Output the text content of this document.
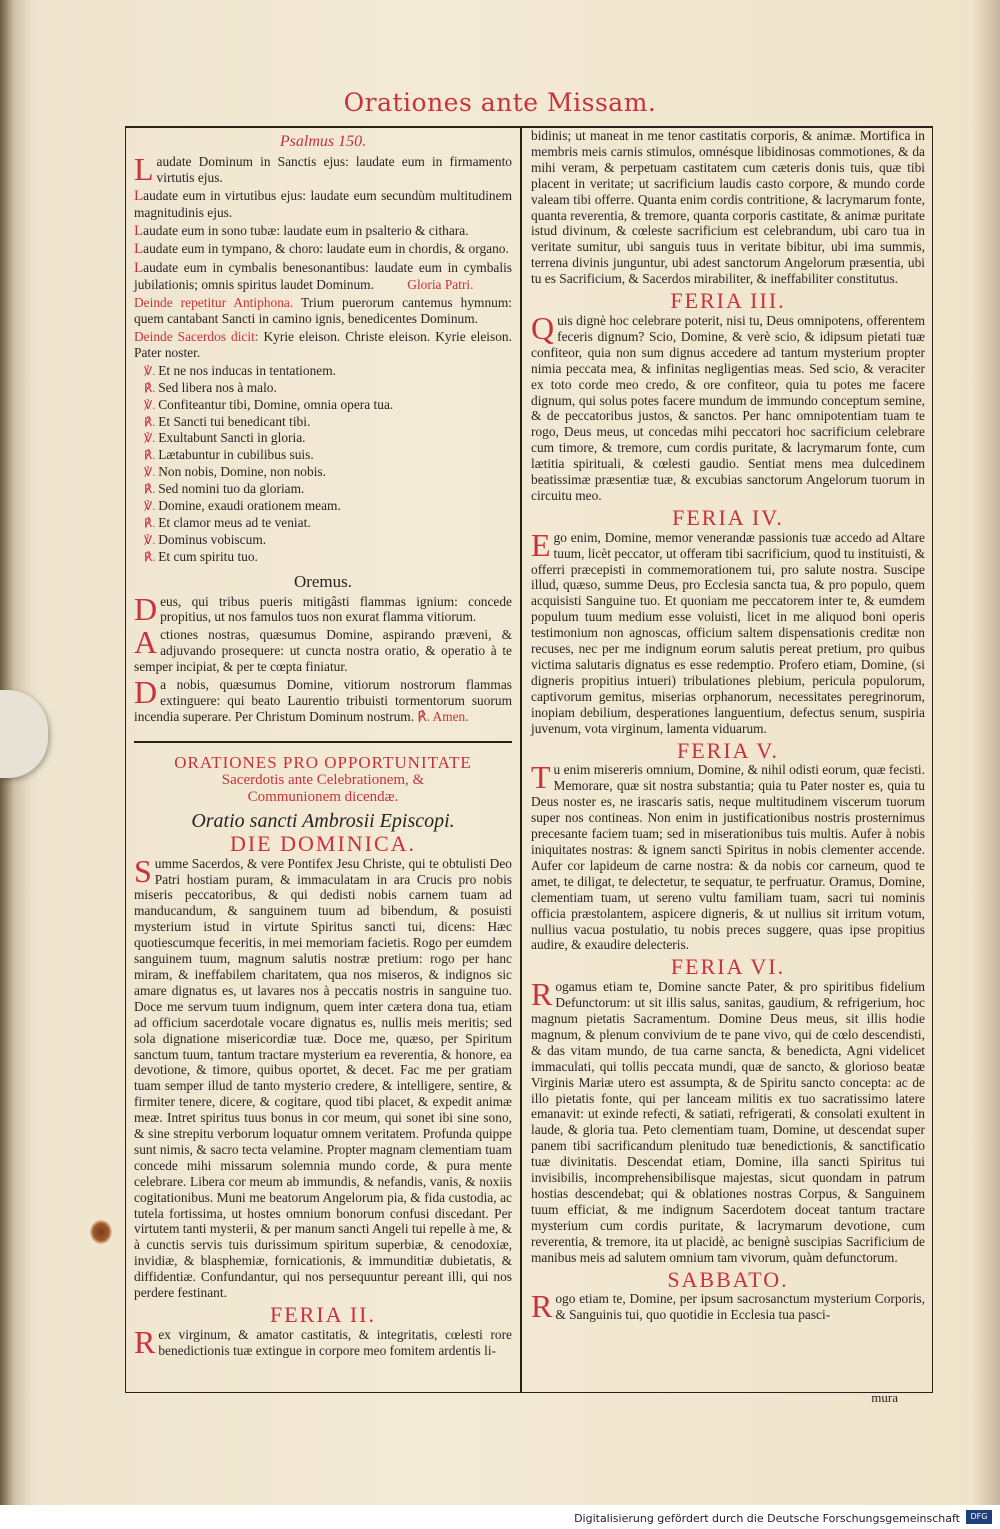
Orationes ante Missam.
Psalmus 150.

Laudate Dominum in Sanctis ejus: laudate eum in firmamento virtutis ejus.

Laudate eum in virtutibus ejus: laudate eum secundùm multitudinem magnitudinis ejus.

Laudate eum in sono tubæ: laudate eum in psalterio & cithara.

Laudate eum in tympano, & choro: laudate eum in chordis, & organo.

Laudate eum in cymbalis benesonantibus: laudate eum in cymbalis jubilationis; omnis spiritus laudet Dominum. Gloria Patri.

Deinde repetitur Antiphona. Trium puerorum cantemus hymnum: quem cantabant Sancti in camino ignis, benedicentes Dominum.

Deinde Sacerdos dicit: Kyrie eleison. Christe eleison. Kyrie eleison. Pater noster.

℣. Et ne nos inducas in tentationem.
℟. Sed libera nos à malo.
℣. Confiteantur tibi, Domine, omnia opera tua.
℟. Et Sancti tui benedicant tibi.
℣. Exultabunt Sancti in gloria.
℟. Lætabuntur in cubilibus suis.
℣. Non nobis, Domine, non nobis.
℟. Sed nomini tuo da gloriam.
℣. Domine, exaudi orationem meam.
℟. Et clamor meus ad te veniat.
℣. Dominus vobiscum.
℟. Et cum spiritu tuo.
Oremus.

Deus, qui tribus pueris mitigâsti flammas ignium: concede propitius, ut nos famulos tuos non exurat flamma vitiorum.

Actiones nostras, quæsumus Domine, aspirando præveni, & adjuvando prosequere: ut cuncta nostra oratio, & operatio à te semper incipiat, & per te cœpta finiatur.

Da nobis, quæsumus Domine, vitiorum nostrorum flammas extinguere: qui beato Laurentio tribuisti tormentorum suorum incendia superare. Per Christum Dominum nostrum. ℟. Amen.

ORATIONES PRO OPPORTUNITATE
Sacerdotis ante Celebrationem, &
Communionem dicendæ.
Oratio sancti Ambrosii Episcopi.
DIE DOMINICA.

Summe Sacerdos, & vere Pontifex Jesu Christe, qui te obtulisti Deo Patri hostiam puram, & immaculatam in ara Crucis pro nobis miseris peccatoribus, & qui dedisti nobis carnem tuam ad manducandum, & sanguinem tuum ad bibendum, & posuisti mysterium istud in virtute Spiritus sancti tui, dicens: Hæc quotiescumque feceritis, in mei memoriam facietis. Rogo per eumdem sanguinem tuum, magnum salutis nostræ pretium: rogo per hanc miram, & ineffabilem charitatem, qua nos miseros, & indignos sic amare dignatus es, ut lavares nos à peccatis nostris in sanguine tuo. Doce me servum tuum indignum, quem inter cætera dona tua, etiam ad officium sacerdotale vocare dignatus es, nullis meis meritis; sed sola dignatione misericordiæ tuæ. Doce me, quæso, per Spiritum sanctum tuum, tantum tractare mysterium ea reverentia, & honore, ea devotione, & timore, quibus oportet, & decet. Fac me per gratiam tuam semper illud de tanto mysterio credere, & intelligere, sentire, & firmiter tenere, dicere, & cogitare, quod tibi placet, & expedit animæ meæ. Intret spiritus tuus bonus in cor meum, qui sonet ibi sine sono, & sine strepitu verborum loquatur omnem veritatem. Profunda quippe sunt nimis, & sacro tecta velamine. Propter magnam clementiam tuam concede mihi missarum solemnia mundo corde, & pura mente celebrare. Libera cor meum ab immundis, & nefandis, vanis, & noxiis cogitationibus. Muni me beatorum Angelorum pia, & fida custodia, ac tutela fortissima, ut hostes omnium bonorum confusi discedant. Per virtutem tanti mysterii, & per manum sancti Angeli tui repelle à me, & à cunctis servis tuis durissimum spiritum superbiæ, & cenodoxiæ, invidiæ, & blasphemiæ, fornicationis, & immunditiæ dubietatis, & diffidentiæ. Confundantur, qui nos persequuntur pereant illi, qui nos perdere festinant.

FERIA II.

Rex virginum, & amator castitatis, & integritatis, cœlesti rore benedictionis tuæ extingue in corpore meo fomitem ardentis li-

bidinis; ut maneat in me tenor castitatis corporis, & animæ. Mortifica in membris meis carnis stimulos, omnésque libidinosas commotiones, & da mihi veram, & perpetuam castitatem cum cæteris donis tuis, quæ tibi placent in veritate; ut sacrificium laudis casto corpore, & mundo corde valeam tibi offerre. Quanta enim cordis contritione, & lacrymarum fonte, quanta reverentia, & tremore, quanta corporis castitate, & animæ puritate istud divinum, & cœleste sacrificium est celebrandum, ubi caro tua in veritate sumitur, ubi sanguis tuus in veritate bibitur, ubi ima summis, terrena divinis junguntur, ubi adest sanctorum Angelorum præsentia, ubi tu es Sacrificium, & Sacerdos mirabiliter, & ineffabiliter constitutus.

FERIA III.

Quis dignè hoc celebrare poterit, nisi tu, Deus omnipotens, offerentem feceris dignum? Scio, Domine, & verè scio, & idipsum pietati tuæ confiteor, quia non sum dignus accedere ad tantum mysterium propter nimia peccata mea, & infinitas negligentias meas. Sed scio, & veraciter ex toto corde meo credo, & ore confiteor, quia tu potes me facere dignum, qui solus potes facere mundum de immundo conceptum semine, & de peccatoribus justos, & sanctos. Per hanc omnipotentiam tuam te rogo, Deus meus, ut concedas mihi peccatori hoc sacrificium celebrare cum timore, & tremore, cum cordis puritate, & lacrymarum fonte, cum lætitia spirituali, & cœlesti gaudio. Sentiat mens mea dulcedinem beatissimæ præsentiæ tuæ, & excubias sanctorum Angelorum tuorum in circuitu meo.

FERIA IV.

Ego enim, Domine, memor venerandæ passionis tuæ accedo ad Altare tuum, licèt peccator, ut offeram tibi sacrificium, quod tu instituisti, & offerri præcepisti in commemorationem tui, pro salute nostra. Suscipe illud, quæso, summe Deus, pro Ecclesia sancta tua, & pro populo, quem acquisisti Sanguine tuo. Et quoniam me peccatorem inter te, & eumdem populum tuum medium esse voluisti, licet in me aliquod boni operis testimonium non agnoscas, officium saltem dispensationis creditæ non recuses, nec per me indignum eorum salutis pereat pretium, pro quibus victima salutaris dignatus es esse redemptio. Profero etiam, Domine, (si digneris propitius intueri) tribulationes plebium, pericula populorum, captivorum gemitus, miserias orphanorum, necessitates peregrinorum, inopiam debilium, desperationes languentium, defectus senum, suspiria juvenum, vota virginum, lamenta viduarum.

FERIA V.

Tu enim misereris omnium, Domine, & nihil odisti eorum, quæ fecisti. Memorare, quæ sit nostra substantia; quia tu Pater noster es, quia tu Deus noster es, ne irascaris satis, neque multitudinem viscerum tuorum super nos contineas. Non enim in justificationibus nostris prosternimus precesante faciem tuam; sed in miserationibus tuis multis. Aufer à nobis iniquitates nostras: & ignem sancti Spiritus in nobis clementer accende. Aufer cor lapideum de carne nostra: & da nobis cor carneum, quod te amet, te diligat, te delectetur, te sequatur, te perfruatur. Oramus, Domine, clementiam tuam, ut sereno vultu familiam tuam, sacri tui nominis officia præstolantem, aspicere digneris, & ut nullius sit irritum votum, nullius vacua postulatio, tu nobis preces suggere, quas ipse propitius audire, & exaudire delecteris.

FERIA VI.

Rogamus etiam te, Domine sancte Pater, & pro spiritibus fidelium Defunctorum: ut sit illis salus, sanitas, gaudium, & refrigerium, hoc magnum pietatis Sacramentum. Domine Deus meus, sit illis hodie magnum, & plenum convivium de te pane vivo, qui de cœlo descendisti, & das vitam mundo, de tua carne sancta, & benedicta, Agni videlicet immaculati, qui tollis peccata mundi, quæ de sancto, & glorioso beatæ Virginis Mariæ utero est assumpta, & de Spiritu sancto concepta: ac de illo pietatis fonte, qui per lanceam militis ex tuo sacratissimo latere emanavit: ut exinde refecti, & satiati, refrigerati, & consolati exultent in laude, & gloria tua. Peto clementiam tuam, Domine, ut descendat super panem tibi sacrificandum plenitudo tuæ benedictionis, & sanctificatio tuæ divinitatis. Descendat etiam, Domine, illa sancti Spiritus tui invisibilis, incomprehensibilisque majestas, sicut quondam in patrum hostias descendebat; qui & oblationes nostras Corpus, & Sanguinem tuum efficiat, & me indignum Sacerdotem doceat tantum tractare mysterium cum cordis puritate, & lacrymarum devotione, cum reverentia, & tremore, ita ut placidè, ac benignè suscipias Sacrificium de manibus meis ad salutem omnium tam vivorum, quàm defunctorum.

SABBATO.

Rogo etiam te, Domine, per ipsum sacrosanctum mysterium Corporis, & Sanguinis tui, quo quotidie in Ecclesia tua pasci-

mura
Digitalisierung gefördert durch die Deutsche Forschungsgemeinschaft	DFG
